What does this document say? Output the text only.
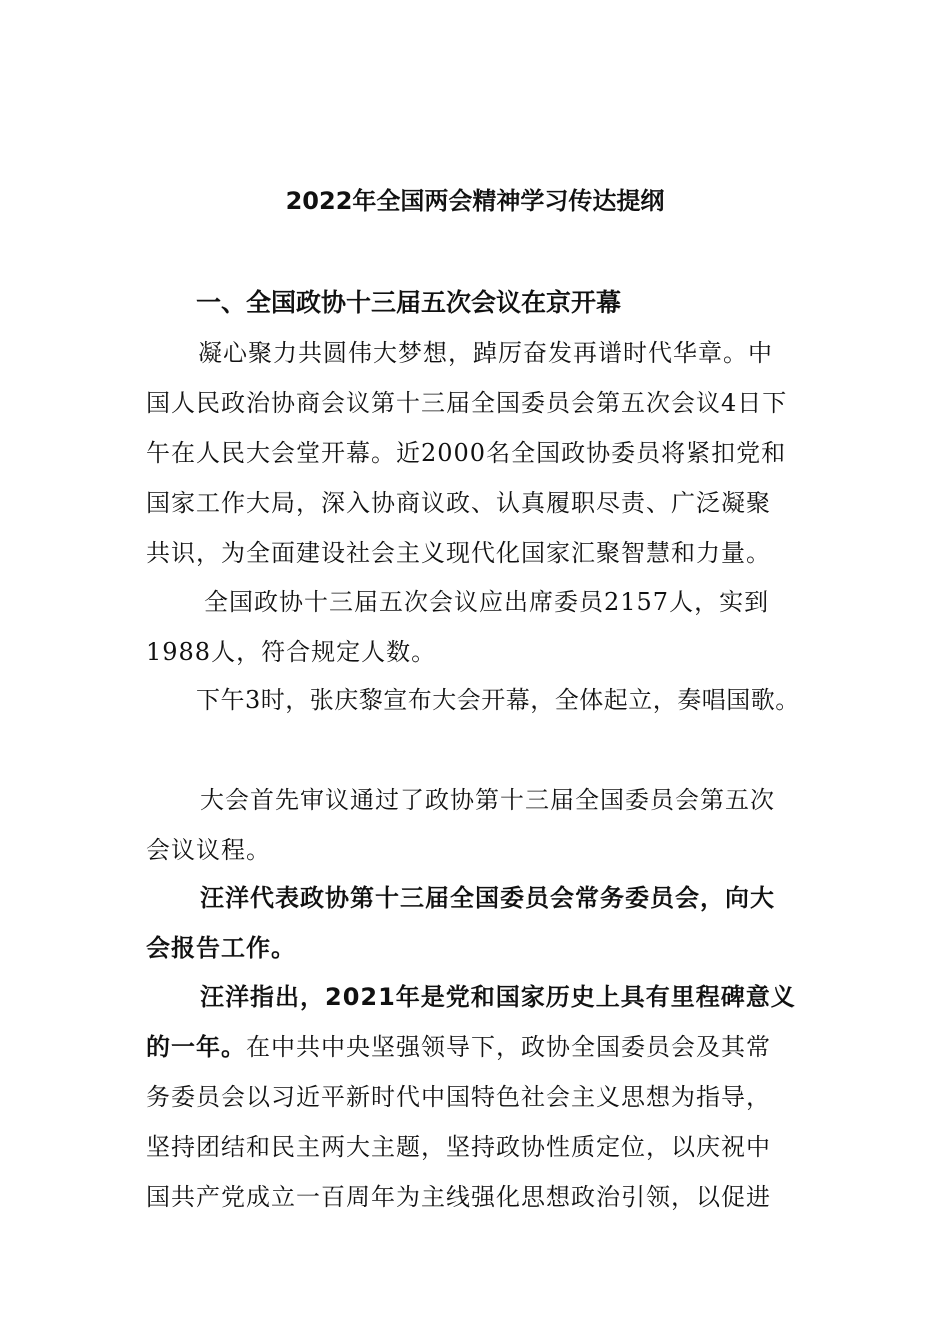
2022年全国两会精神学习传达提纲
一、全国政协十三届五次会议在京开幕
凝心聚力共圆伟大梦想，踔厉奋发再谱时代华章。中
国人民政治协商会议第十三届全国委员会第五次会议4日下
午在人民大会堂开幕。近2000名全国政协委员将紧扣党和
国家工作大局，深入协商议政、认真履职尽责、广泛凝聚
共识，为全面建设社会主义现代化国家汇聚智慧和力量。
全国政协十三届五次会议应出席委员2157人，实到
1988人，符合规定人数。
下午3时，张庆黎宣布大会开幕，全体起立，奏唱国歌。
大会首先审议通过了政协第十三届全国委员会第五次
会议议程。
汪洋代表政协第十三届全国委员会常务委员会，向大
会报告工作。
汪洋指出，2021年是党和国家历史上具有里程碑意义
的一年。在中共中央坚强领导下，政协全国委员会及其常
务委员会以习近平新时代中国特色社会主义思想为指导，
坚持团结和民主两大主题，坚持政协性质定位，以庆祝中
国共产党成立一百周年为主线强化思想政治引领，以促进
